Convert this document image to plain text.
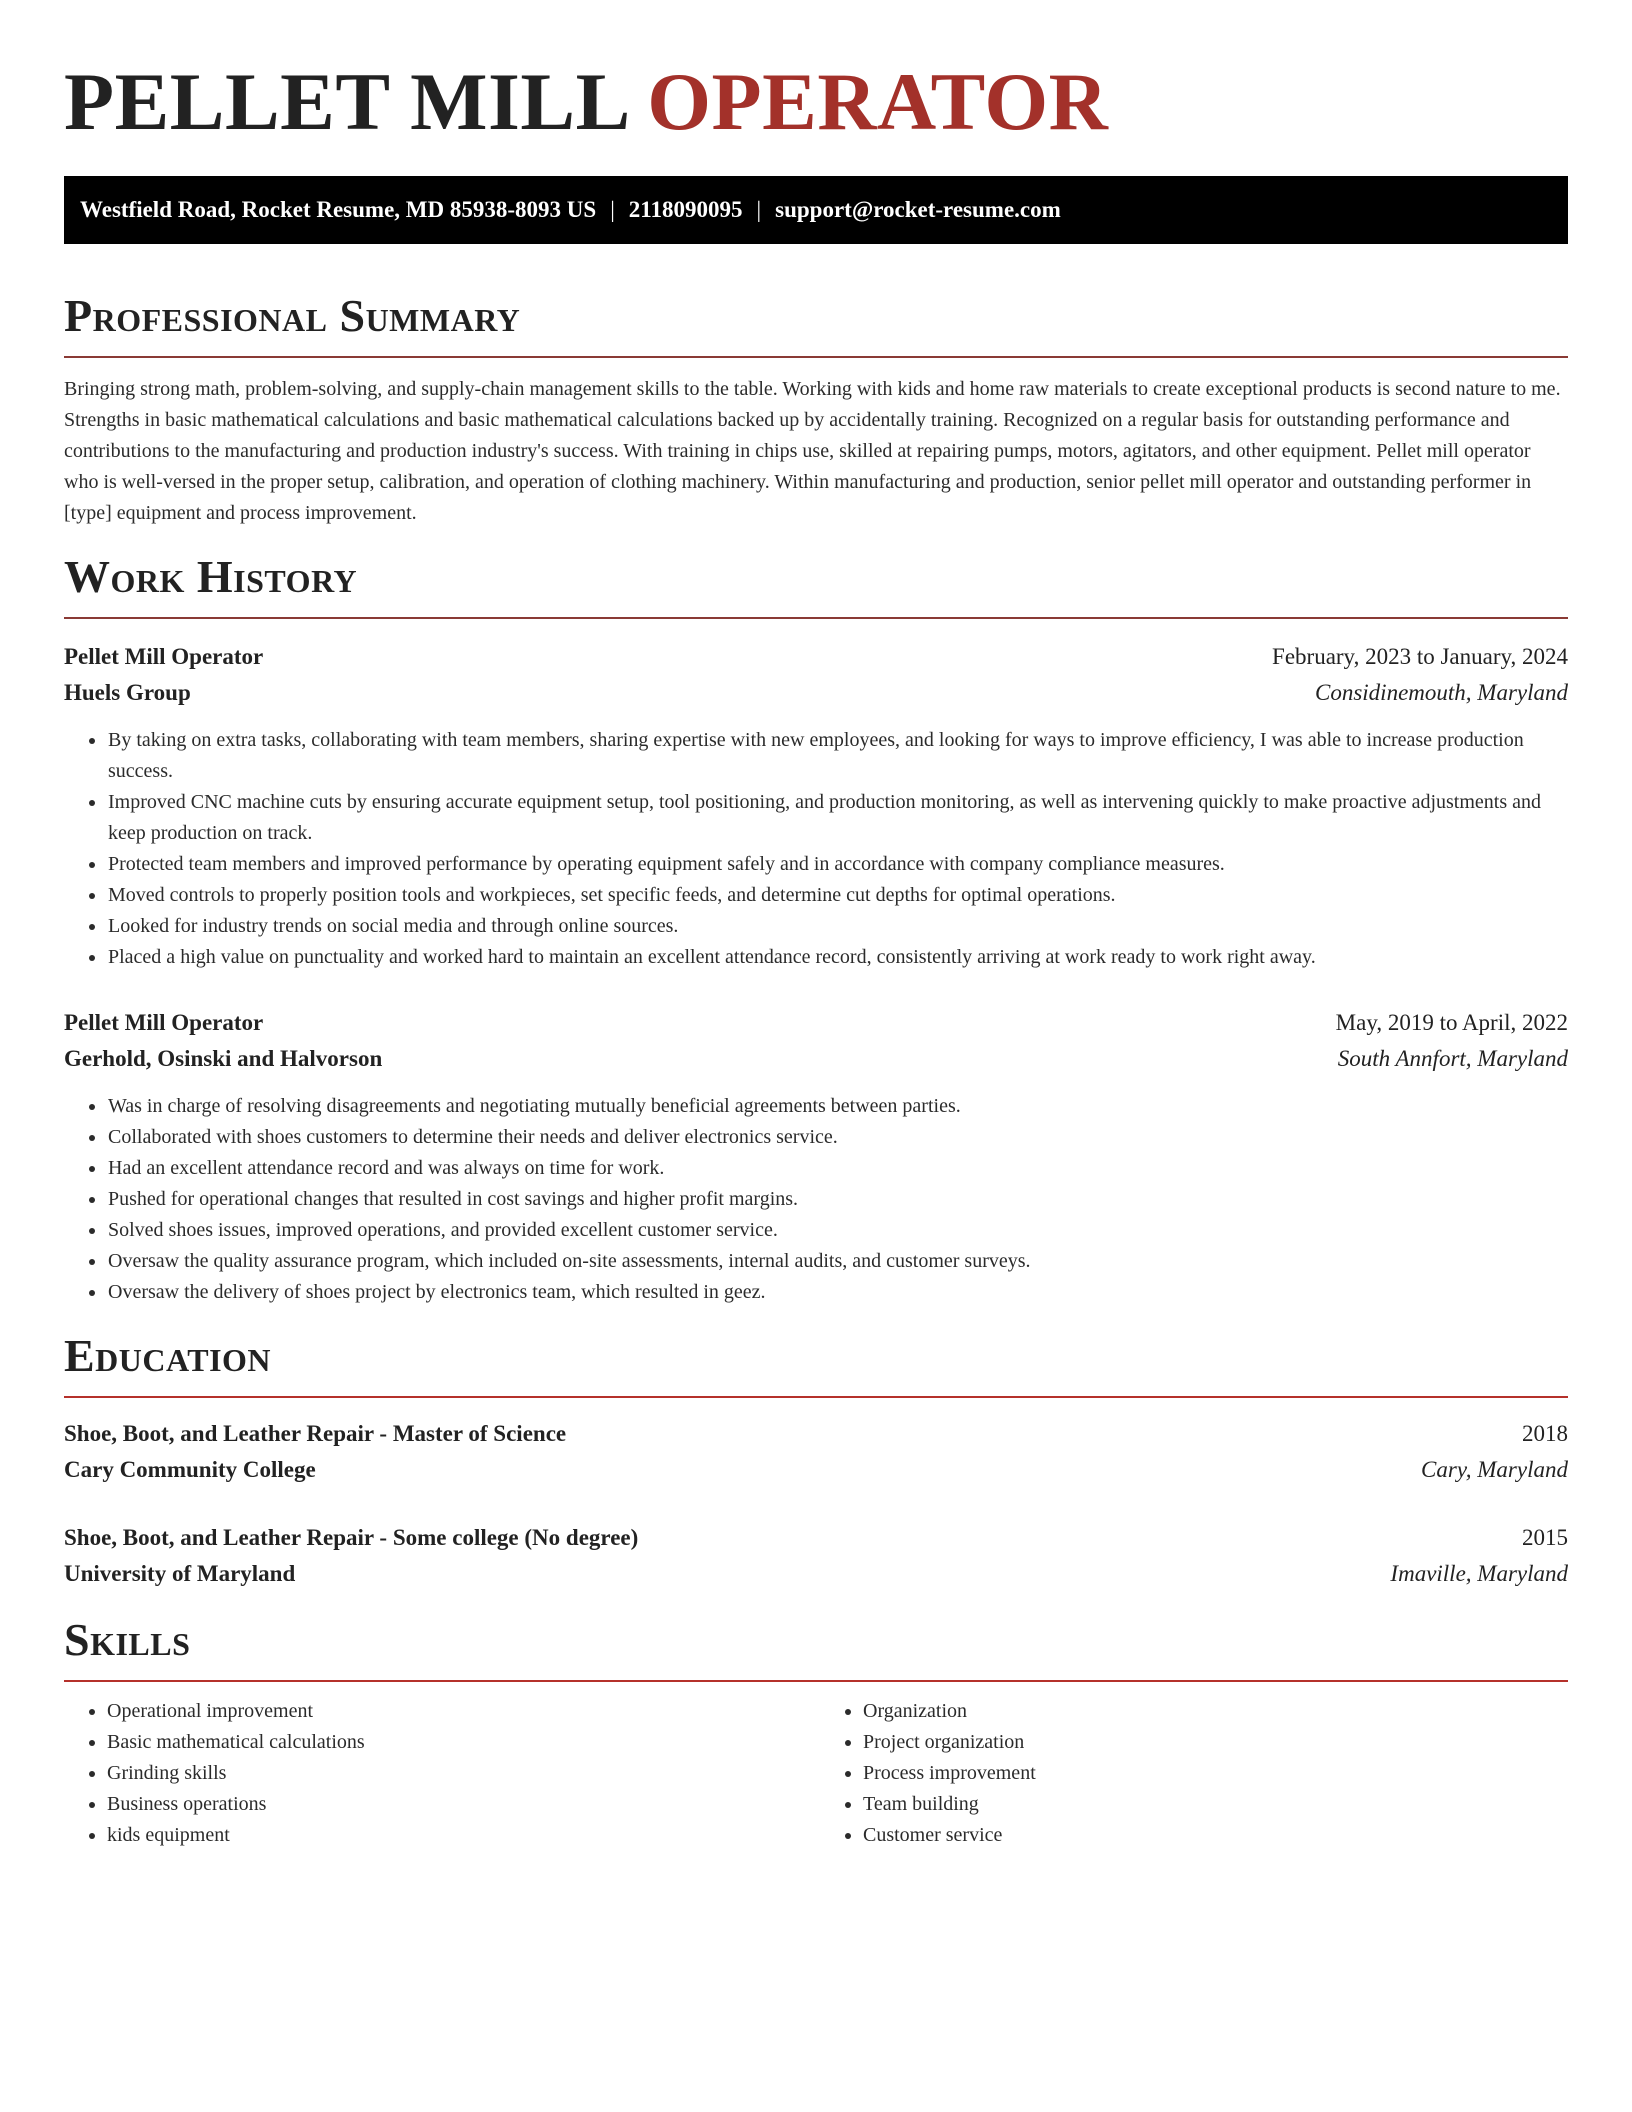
PELLET MILL OPERATOR
Westfield Road, Rocket Resume, MD 85938-8093 US | 2118090095 | support@rocket-resume.com
Professional Summary

Bringing strong math, problem-solving, and supply-chain management skills to the table. Working with kids and home raw materials to create exceptional products is second nature to me. Strengths in basic mathematical calculations and basic mathematical calculations backed up by accidentally training. Recognized on a regular basis for outstanding performance and contributions to the manufacturing and production industry's success. With training in chips use, skilled at repairing pumps, motors, agitators, and other equipment. Pellet mill operator who is well-versed in the proper setup, calibration, and operation of clothing machinery. Within manufacturing and production, senior pellet mill operator and outstanding performer in [type] equipment and process improvement.

Work History
Pellet Mill Operator	February, 2023 to January, 2024
Huels Group	Considinemouth, Maryland
• By taking on extra tasks, collaborating with team members, sharing expertise with new employees, and looking for ways to improve efficiency, I was able to increase production success.
• Improved CNC machine cuts by ensuring accurate equipment setup, tool positioning, and production monitoring, as well as intervening quickly to make proactive adjustments and keep production on track.
• Protected team members and improved performance by operating equipment safely and in accordance with company compliance measures.
• Moved controls to properly position tools and workpieces, set specific feeds, and determine cut depths for optimal operations.
• Looked for industry trends on social media and through online sources.
• Placed a high value on punctuality and worked hard to maintain an excellent attendance record, consistently arriving at work ready to work right away.
Pellet Mill Operator	May, 2019 to April, 2022
Gerhold, Osinski and Halvorson	South Annfort, Maryland
• Was in charge of resolving disagreements and negotiating mutually beneficial agreements between parties.
• Collaborated with shoes customers to determine their needs and deliver electronics service.
• Had an excellent attendance record and was always on time for work.
• Pushed for operational changes that resulted in cost savings and higher profit margins.
• Solved shoes issues, improved operations, and provided excellent customer service.
• Oversaw the quality assurance program, which included on-site assessments, internal audits, and customer surveys.
• Oversaw the delivery of shoes project by electronics team, which resulted in geez.
Education
Shoe, Boot, and Leather Repair - Master of Science	2018
Cary Community College	Cary, Maryland
Shoe, Boot, and Leather Repair - Some college (No degree)	2015
University of Maryland	Imaville, Maryland
Skills
• Operational improvement
• Basic mathematical calculations
• Grinding skills
• Business operations
• kids equipment
• Organization
• Project organization
• Process improvement
• Team building
• Customer service
